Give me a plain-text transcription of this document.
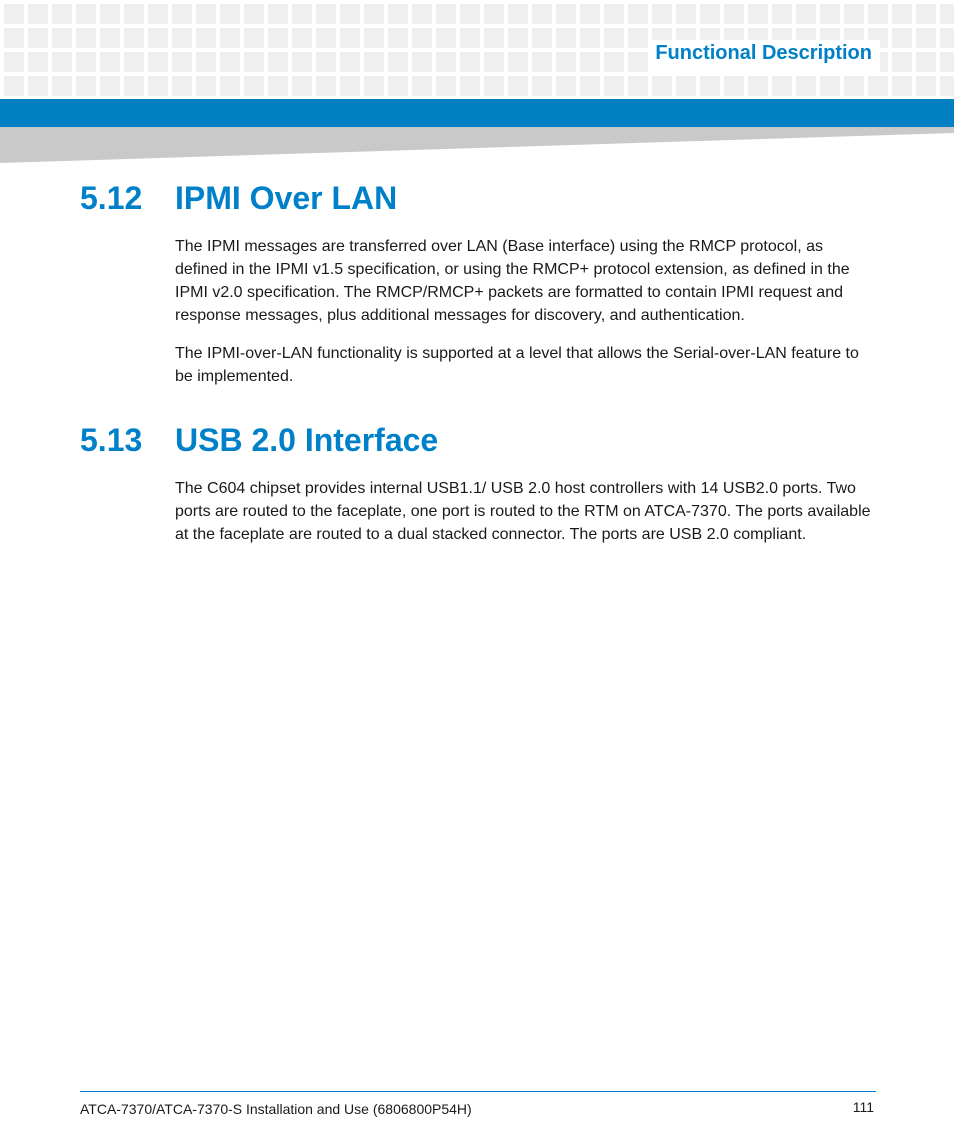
Functional Description
5.12 IPMI Over LAN

The IPMI messages are transferred over LAN (Base interface) using the RMCP protocol, as defined in the IPMI v1.5 specification, or using the RMCP+ protocol extension, as defined in the IPMI v2.0 specification. The RMCP/RMCP+ packets are formatted to contain IPMI request and response messages, plus additional messages for discovery, and authentication.

The IPMI-over-LAN functionality is supported at a level that allows the Serial-over-LAN feature to be implemented.

5.13 USB 2.0 Interface

The C604 chipset provides internal USB1.1/ USB 2.0 host controllers with 14 USB2.0 ports. Two ports are routed to the faceplate, one port is routed to the RTM on ATCA-7370. The ports available at the faceplate are routed to a dual stacked connector. The ports are USB 2.0 compliant.

ATCA-7370/ATCA-7370-S Installation and Use (6806800P54H)	111
